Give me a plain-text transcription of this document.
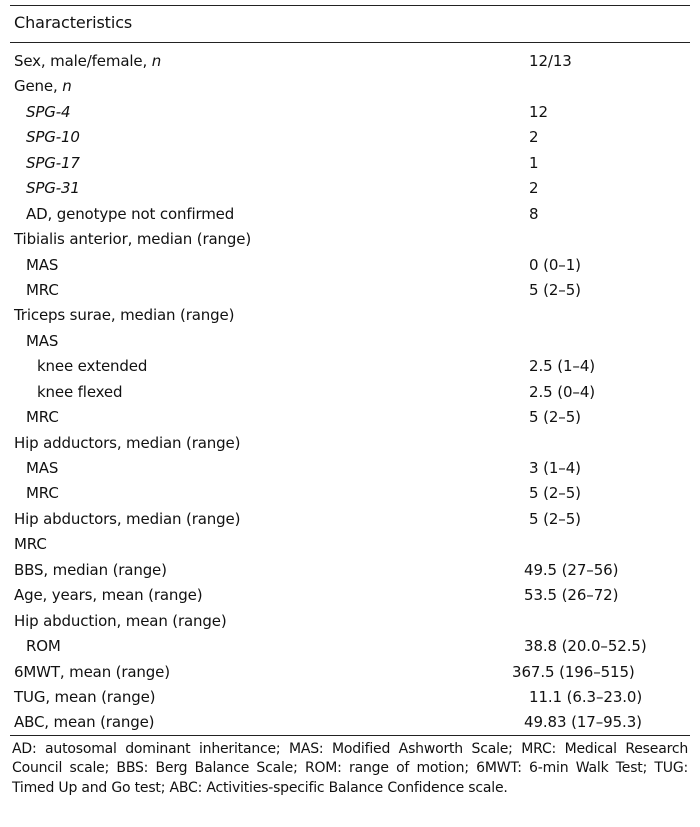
Characteristics
Sex, male/female, n	12/13
Gene, n
SPG-4	12
SPG-10	2
SPG-17	1
SPG-31	2
AD, genotype not confirmed	8
Tibialis anterior, median (range)
MAS	0 (0–1)
MRC	5 (2–5)
Triceps surae, median (range)
MAS
knee extended	2.5 (1–4)
knee flexed	2.5 (0–4)
MRC	5 (2–5)
Hip adductors, median (range)
MAS	3 (1–4)
MRC	5 (2–5)
Hip abductors, median (range)	5 (2–5)
MRC
BBS, median (range)	49.5 (27–56)
Age, years, mean (range)	53.5 (26–72)
Hip abduction, mean (range)
ROM	38.8 (20.0–52.5)
6MWT, mean (range)	367.5 (196–515)
TUG, mean (range)	11.1 (6.3–23.0)
ABC, mean (range)	49.83 (17–95.3)
AD: autosomal dominant inheritance; MAS: Modified Ashworth Scale; MRC: Medical Research Council scale; BBS: Berg Balance Scale; ROM: range of motion; 6MWT: 6-min Walk Test; TUG: Timed Up and Go test; ABC: Activities-specific Balance Confidence scale.
